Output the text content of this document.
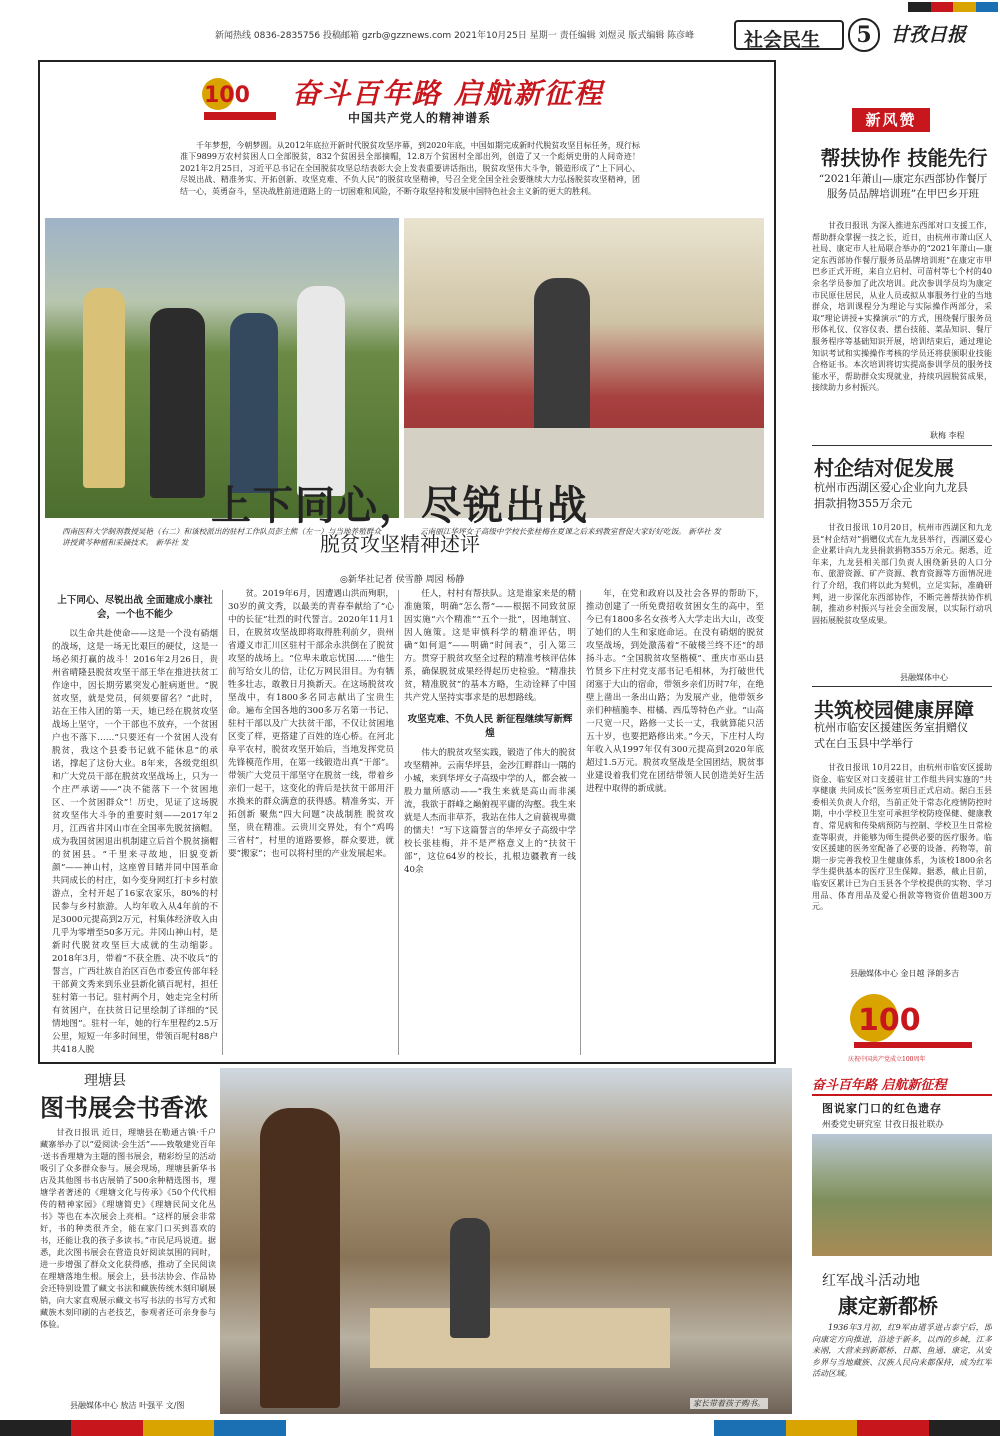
新闻热线 0836-2835756 投稿邮箱 gzrb@gzznews.com 2021年10月25日 星期一 责任编辑 刘煜灵 版式编辑 陈彦峰	社会民生	5 甘孜日报
100 奋斗百年路 启航新征程
中国共产党人的精神谱系
千年梦想，今朝梦圆。从2012年底拉开新时代脱贫攻坚序幕，到2020年底，中国如期完成新时代脱贫攻坚目标任务，现行标准下9899万农村贫困人口全部脱贫，832个贫困县全部摘帽，12.8万个贫困村全部出列，创造了又一个彪炳史册的人间奇迹！2021年2月25日，习近平总书记在全国脱贫攻坚总结表彰大会上发表重要讲话指出，脱贫攻坚伟大斗争，锻造形成了“上下同心、尽锐出战、精准务实、开拓创新、攻坚克难、不负人民”的脱贫攻坚精神，号召全党全国全社会要继续大力弘扬脱贫攻坚精神，团结一心，英勇奋斗，坚决战胜前进道路上的一切困难和风险，不断夺取坚持和发展中国特色社会主义新的更大的胜利。
西南医科大学制剂教授吴艳（右二）和该校派出的驻村工作队员彭主熊（左一）与当地养殖群众讲授黄芩种植和采摘技术。 新华社 发
云南丽江华坪女子高级中学校长张桂梅在夏课之后来到教室督促大家好好吃饭。 新华社 发
上下同心，尽锐出战
脱贫攻坚精神述评
◎新华社记者 侯雪静 周园 杨静
上下同心、尽锐出战 全面建成小康社会，一个也不能少

以生命共赴使命——这是一个没有硝烟的战场，这是一场无比艰巨的硬仗，这是一场必须打赢的战斗！2016年2月26日，贵州省晴隆县脱贫攻坚干部王华在推进扶贫工作途中，因长期劳累突发心脏病逝世。“脱贫攻坚，就是党员，何须要留名？”此时，站在王伟入团的第一天，她已经在脱贫攻坚战场上坚守，一个干部也不放弃，一个贫困户也不落下……“只要还有一个贫困人没有脱贫，我这个县委书记就不能休息”的承诺，撑起了这份大业。8年来，各级党组织和广大党员干部在脱贫攻坚战场上，只为一个庄严承诺——“决不能落下一个贫困地区、一个贫困群众”！历史，见证了这场脱贫攻坚伟大斗争的重要时刻——2017年2月，江西省井冈山市在全国率先脱贫摘帽。成为我国贫困退出机制建立后首个脱贫摘帽的贫困县。“千里来寻故地，旧貌变新颜”——神山村，这座曾目睹并同中国革命共同成长的村庄，如今变身网红打卡乡村旅游点，全村开起了16家农家乐，80%的村民参与乡村旅游。人均年收入从4年前的不足3000元提高到2万元，村集体经济收入由几乎为零增至50多万元。井冈山神山村，是新时代脱贫攻坚巨大成就的生动缩影。2018年3月，带着“不获全胜、决不收兵”的誓言，广西壮族自治区百色市委宣传部年轻干部黄文秀来到乐业县新化镇百坭村，担任驻村第一书记。驻村两个月，她走完全村所有贫困户，在扶贫日记里绘制了详细的“民情地图”。驻村一年，她的行车里程约2.5万公里，短短一年多时间里，带领百坭村88户共418人脱

贫。2019年6月，因遭遇山洪而殉职，30岁的黄文秀，以最美的青春奉献给了“心中的长征”壮烈的时代誓言。2020年11月1日，在脱贫攻坚战即将取得胜利前夕，贵州省遵义市汇川区驻村干部余永洪倒在了脱贫攻坚的战场上。“位卑未敢忘忧国……”他生前写给女儿的信，让亿万网民泪目。为有牺牲多壮志，敢教日月换新天。在这场脱贫攻坚战中，有1800多名同志献出了宝贵生命。遍布全国各地的300多万名第一书记、驻村干部以及广大扶贫干部，不仅让贫困地区变了样，更搭建了百姓的连心桥。在河北阜平农村，脱贫攻坚开始后，当地发挥党员先锋模范作用，在第一线锻造出真“干部”。带领广大党员干部坚守在脱贫一线，带着乡亲们一起干，这变化的背后是扶贫干部用汗水换来的群众满意的获得感。精准务实、开拓创新 聚焦“四大问题”决战制胜 脱贫攻坚，贵在精准。云贵川交界处，有个“鸡鸣三省村”，村里的道路要修，群众要进，就要“搬家”；也可以将村里的产业发展起来。

任人，村村有帮扶队。这是谁家来是的精准施策，明确“怎么帮”——根据不同致贫原因实施“六个精准”“五个一批”，因地制宜、因人施策。这是审慎科学的精准评估，明确“如何退”——明确“时间表”，引入第三方。贯穿于脱贫攻坚全过程的精准考核评估体系，确保脱贫成果经得起历史检验。“精准扶贫，精准脱贫”的基本方略，生动诠释了中国共产党人坚持实事求是的思想路线。

攻坚克难、不负人民 新征程继续写新辉煌

伟大的脱贫攻坚实践，锻造了伟大的脱贫攻坚精神。云南华坪县，金沙江畔群山一隅的小城，来到华坪女子高级中学的人，都会被一股力量所感动——“我生来就是高山而非溪流，我欲于群峰之巅俯视平庸的沟壑。我生来就是人杰而非草芥，我站在伟人之肩藐视卑微的懦夫！”写下这篇誓言的华坪女子高级中学校长张桂梅，并不是严格意义上的“扶贫干部”，这位64岁的校长，扎根边疆教育一线40余

年，在党和政府以及社会各界的帮助下，推动创建了一所免费招收贫困女生的高中，至今已有1800多名女孩考入大学走出大山，改变了她们的人生和家庭命运。在没有硝烟的脱贫攻坚战场，到处激荡着“不破楼兰终不还”的昂扬斗志。“全国脱贫攻坚楷模”、重庆市巫山县竹贤乡下庄村党支部书记毛相林，为打破世代闭塞于大山的宿命，带领乡亲们历时7年，在绝壁上凿出一条出山路；为发展产业，他带领乡亲们种植脆李、柑橘、西瓜等特色产业。“山高一尺宽一尺，路修一丈长一丈，我就算能只活五十岁，也要把路修出来。”今天，下庄村人均年收入从1997年仅有300元提高到2020年底超过1.5万元。脱贫攻坚战是全国团结，脱贫事业建设着我们党在团结带领人民创造美好生活进程中取得的新成就。

新风赞
帮扶协作 技能先行
“2021年萧山—康定东西部协作餐厅服务员品牌培训班”在甲巴乡开班
甘孜日报讯 为深入推进东西部对口支援工作，帮助群众掌握一技之长，近日，由杭州市萧山区人社局、康定市人社局联合举办的“2021年萧山—康定东西部协作餐厅服务员品牌培训班”在康定市甲巴乡正式开班，来自立启村、可苗村等七个村的40余名学员参加了此次培训。此次参训学员均为康定市民原住居民，从业人员或拟从事服务行业的当地群众，培训课程分为理论与实际操作两部分，采取“理论讲授+实操演示”的方式，围绕餐厅服务员形体礼仪、仪容仪表、摆台技能、菜品知识、餐厅服务程序等基础知识开展，培训结束后，通过理论知识考试和实操操作考核的学员还将获颁职业技能合格证书。本次培训将切实提高参训学员的服务技能水平，帮助群众实现就业，持续巩固脱贫成果，接续助力乡村振兴。
耿梅 李程
村企结对促发展
杭州市西湖区爱心企业向九龙县捐款捐物355万余元
甘孜日报讯 10月20日，杭州市西湖区和九龙县“村企结对”捐赠仪式在九龙县举行，西湖区爱心企业累计向九龙县捐款捐物355万余元。据悉，近年来，九龙县相关部门负责人围绕新县的人口分布、旅游资源、矿产资源、教育资源等方面情况进行了介绍，我们将以此为契机，立足实际，准确研判，进一步深化东西部协作，不断完善帮扶协作机制，推动乡村振兴与社会全面发展，以实际行动巩固拓展脱贫攻坚成果。
县融媒体中心
共筑校园健康屏障
杭州市临安区援建医务室捐赠仪式在白玉县中学举行
甘孜日报讯 10月22日，由杭州市临安区援助资金、临安区对口支援驻甘工作组共同实施的“共享健康 共同成长”医务室项目正式启动。据白玉县委相关负责人介绍，当前正处于常态化疫情防控时期，中小学校卫生室可承担学校防疫保健、健康教育、常见病和传染病预防与控制、学校卫生日常检查等职责，并能够为师生提供必要的医疗服务。临安区援建的医务室配备了必要的设备、药物等，前期一步完善我校卫生健康体系，为该校1800余名学生提供基本的医疗卫生保障。据悉，截止目前，临安区累计已为白玉县各个学校提供的实物、学习用品、体育用品及爱心捐款等物资价值超300万元。
县融媒体中心 金日越 泽朗多吉
100
庆祝中国共产党成立100周年
奋斗百年路 启航新征程
图说家门口的红色遗存
州委党史研究室 甘孜日报社联办
红军战斗活动地
康定新都桥
1936年3月初，红9军由道孚进占泰宁后，即向康定方向推进，沿途于新多，以西的乡城，江多来刚，大营来到新都桥、日都、鱼通、康定，从安乡界与当地藏族、汉族人民向来都保持，成为红军活动区域。
理塘县
图书展会书香浓
甘孜日报讯 近日，理塘县在勒通古镇·千户藏寨举办了以“爱阅读·会生活”——致敬建党百年·送书香理塘为主题的图书展会，精彩纷呈的活动吸引了众多群众参与。展会现场，理塘县新华书店及其他图书书店展销了500余种精选图书，理塘学者著述的《理塘文化与传承》《50个代代相传的精神家园》《理塘简史》《理塘民间文化丛书》等也在本次展会上亮相。“这样的展会非常好，书的种类很齐全，能在家门口买到喜欢的书，还能让我的孩子多读书。”市民尼玛说道。据悉，此次图书展会在营造良好阅读氛围的同时，进一步增强了群众文化获得感，推动了全民阅读在理塘落地生根。展会上，县书法协会、作品协会还特别设置了藏文书法和藏族传统木刻印刷展销，向大家直观展示藏文书写书法的书写方式和藏族木刻印刷的古老技艺，参观者还可亲身参与体验。
县融媒体中心 敖洁 叶强平 文/图	家长带着孩子购书。
